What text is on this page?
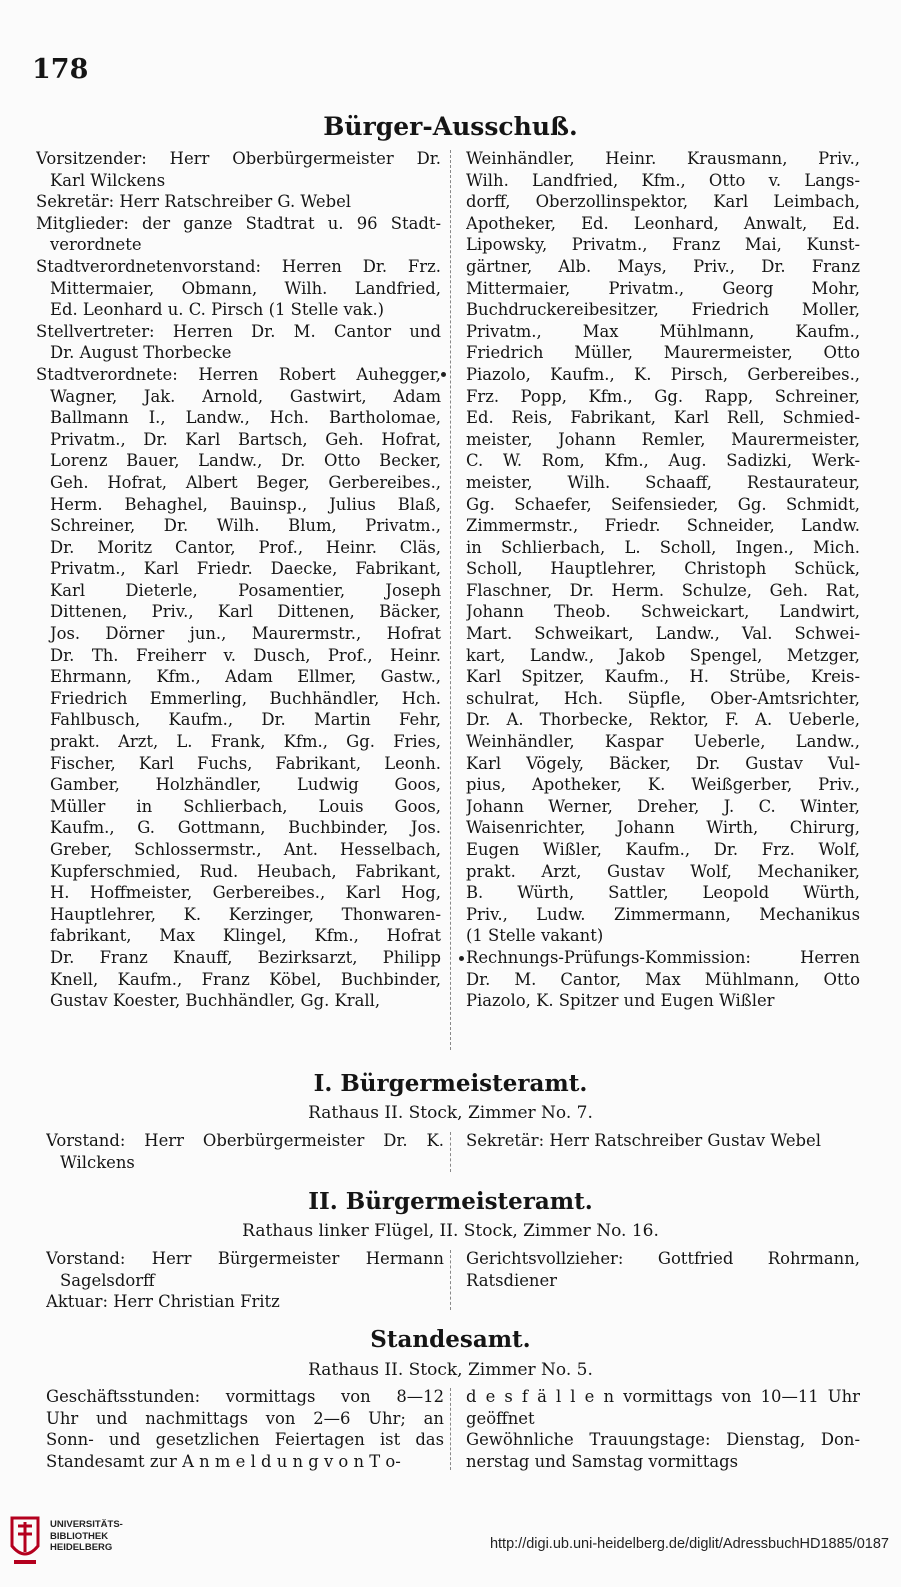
178
Bürger-Ausschuß.

Vorsitzender: Herr Oberbürgermeister Dr.

Karl Wilckens

Sekretär: Herr Ratschreiber G. Webel

Mitglieder: der ganze Stadtrat u. 96 Stadt-

verordnete

Stadtverordnetenvorstand: Herren Dr. Frz.

Mittermaier, Obmann, Wilh. Landfried,

Ed. Leonhard u. C. Pirsch (1 Stelle vak.)

Stellvertreter: Herren Dr. M. Cantor und

Dr. August Thorbecke

Stadtverordnete: Herren Robert Auhegger,

Wagner, Jak. Arnold, Gastwirt, Adam

Ballmann I., Landw., Hch. Bartholomae,

Privatm., Dr. Karl Bartsch, Geh. Hofrat,

Lorenz Bauer, Landw., Dr. Otto Becker,

Geh. Hofrat, Albert Beger, Gerbereibes.,

Herm. Behaghel, Bauinsp., Julius Blaß,

Schreiner, Dr. Wilh. Blum, Privatm.,

Dr. Moritz Cantor, Prof., Heinr. Cläs,

Privatm., Karl Friedr. Daecke, Fabrikant,

Karl Dieterle, Posamentier, Joseph

Dittenen, Priv., Karl Dittenen, Bäcker,

Jos. Dörner jun., Maurermstr., Hofrat

Dr. Th. Freiherr v. Dusch, Prof., Heinr.

Ehrmann, Kfm., Adam Ellmer, Gastw.,

Friedrich Emmerling, Buchhändler, Hch.

Fahlbusch, Kaufm., Dr. Martin Fehr,

prakt. Arzt, L. Frank, Kfm., Gg. Fries,

Fischer, Karl Fuchs, Fabrikant, Leonh.

Gamber, Holzhändler, Ludwig Goos,

Müller in Schlierbach, Louis Goos,

Kaufm., G. Gottmann, Buchbinder, Jos.

Greber, Schlossermstr., Ant. Hesselbach,

Kupferschmied, Rud. Heubach, Fabrikant,

H. Hoffmeister, Gerbereibes., Karl Hog,

Hauptlehrer, K. Kerzinger, Thonwaren-

fabrikant, Max Klingel, Kfm., Hofrat

Dr. Franz Knauff, Bezirksarzt, Philipp

Knell, Kaufm., Franz Köbel, Buchbinder,

Gustav Koester, Buchhändler, Gg. Krall,

Weinhändler, Heinr. Krausmann, Priv.,

Wilh. Landfried, Kfm., Otto v. Langs-

dorff, Oberzollinspektor, Karl Leimbach,

Apotheker, Ed. Leonhard, Anwalt, Ed.

Lipowsky, Privatm., Franz Mai, Kunst-

gärtner, Alb. Mays, Priv., Dr. Franz

Mittermaier, Privatm., Georg Mohr,

Buchdruckereibesitzer, Friedrich Moller,

Privatm., Max Mühlmann, Kaufm.,

Friedrich Müller, Maurermeister, Otto

Piazolo, Kaufm., K. Pirsch, Gerbereibes.,

Frz. Popp, Kfm., Gg. Rapp, Schreiner,

Ed. Reis, Fabrikant, Karl Rell, Schmied-

meister, Johann Remler, Maurermeister,

C. W. Rom, Kfm., Aug. Sadizki, Werk-

meister, Wilh. Schaaff, Restaurateur,

Gg. Schaefer, Seifensieder, Gg. Schmidt,

Zimmermstr., Friedr. Schneider, Landw.

in Schlierbach, L. Scholl, Ingen., Mich.

Scholl, Hauptlehrer, Christoph Schück,

Flaschner, Dr. Herm. Schulze, Geh. Rat,

Johann Theob. Schweickart, Landwirt,

Mart. Schweikart, Landw., Val. Schwei-

kart, Landw., Jakob Spengel, Metzger,

Karl Spitzer, Kaufm., H. Strübe, Kreis-

schulrat, Hch. Süpfle, Ober-Amtsrichter,

Dr. A. Thorbecke, Rektor, F. A. Ueberle,

Weinhändler, Kaspar Ueberle, Landw.,

Karl Vögely, Bäcker, Dr. Gustav Vul-

pius, Apotheker, K. Weißgerber, Priv.,

Johann Werner, Dreher, J. C. Winter,

Waisenrichter, Johann Wirth, Chirurg,

Eugen Wißler, Kaufm., Dr. Frz. Wolf,

prakt. Arzt, Gustav Wolf, Mechaniker,

B. Würth, Sattler, Leopold Würth,

Priv., Ludw. Zimmermann, Mechanikus

(1 Stelle vakant)

Rechnungs-Prüfungs-Kommission: Herren

Dr. M. Cantor, Max Mühlmann, Otto

Piazolo, K. Spitzer und Eugen Wißler

I. Bürgermeisteramt.
Rathaus II. Stock, Zimmer No. 7.

Vorstand: Herr Oberbürgermeister Dr. K.

Wilckens

Sekretär: Herr Ratschreiber Gustav Webel

II. Bürgermeisteramt.
Rathaus linker Flügel, II. Stock, Zimmer No. 16.

Vorstand: Herr Bürgermeister Hermann

Sagelsdorff

Aktuar: Herr Christian Fritz

Gerichtsvollzieher: Gottfried Rohrmann,

Ratsdiener

Standesamt.
Rathaus II. Stock, Zimmer No. 5.

Geschäftsstunden: vormittags von 8—12

Uhr und nachmittags von 2—6 Uhr; an

Sonn- und gesetzlichen Feiertagen ist das

Standesamt zur A n m e l d u n g v o n T o-

d e s f ä l l e n vormittags von 10—11 Uhr

geöffnet

Gewöhnliche Trauungstage: Dienstag, Don-

nerstag und Samstag vormittags

UNIVERSITÄTS-
BIBLIOTHEK
HEIDELBERG	http://digi.ub.uni-heidelberg.de/diglit/AdressbuchHD1885/0187
